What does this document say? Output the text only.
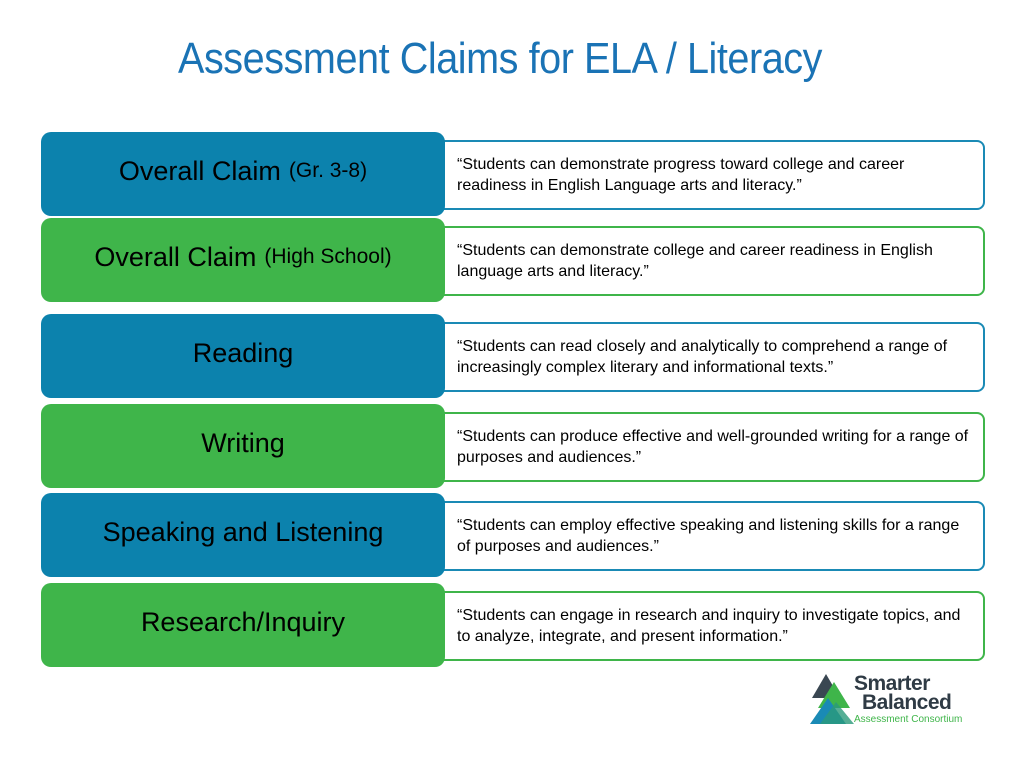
Assessment Claims for ELA / Literacy
“Students can demonstrate progress toward college and career readiness in English Language arts and literacy.”
Overall Claim (Gr. 3-8)
“Students can demonstrate college and career readiness in English language arts and literacy.”
Overall Claim (High School)
“Students can read closely and analytically to comprehend a range of increasingly complex literary and informational texts.”
Reading
“Students can produce effective and well-grounded writing for a range of purposes and audiences.”
Writing
“Students can employ effective speaking and listening skills for a range of purposes and audiences.”
Speaking and Listening
“Students can engage in research and inquiry to investigate topics, and to analyze, integrate, and present information.”
Research/Inquiry
Smarter
Balanced
Assessment Consortium
